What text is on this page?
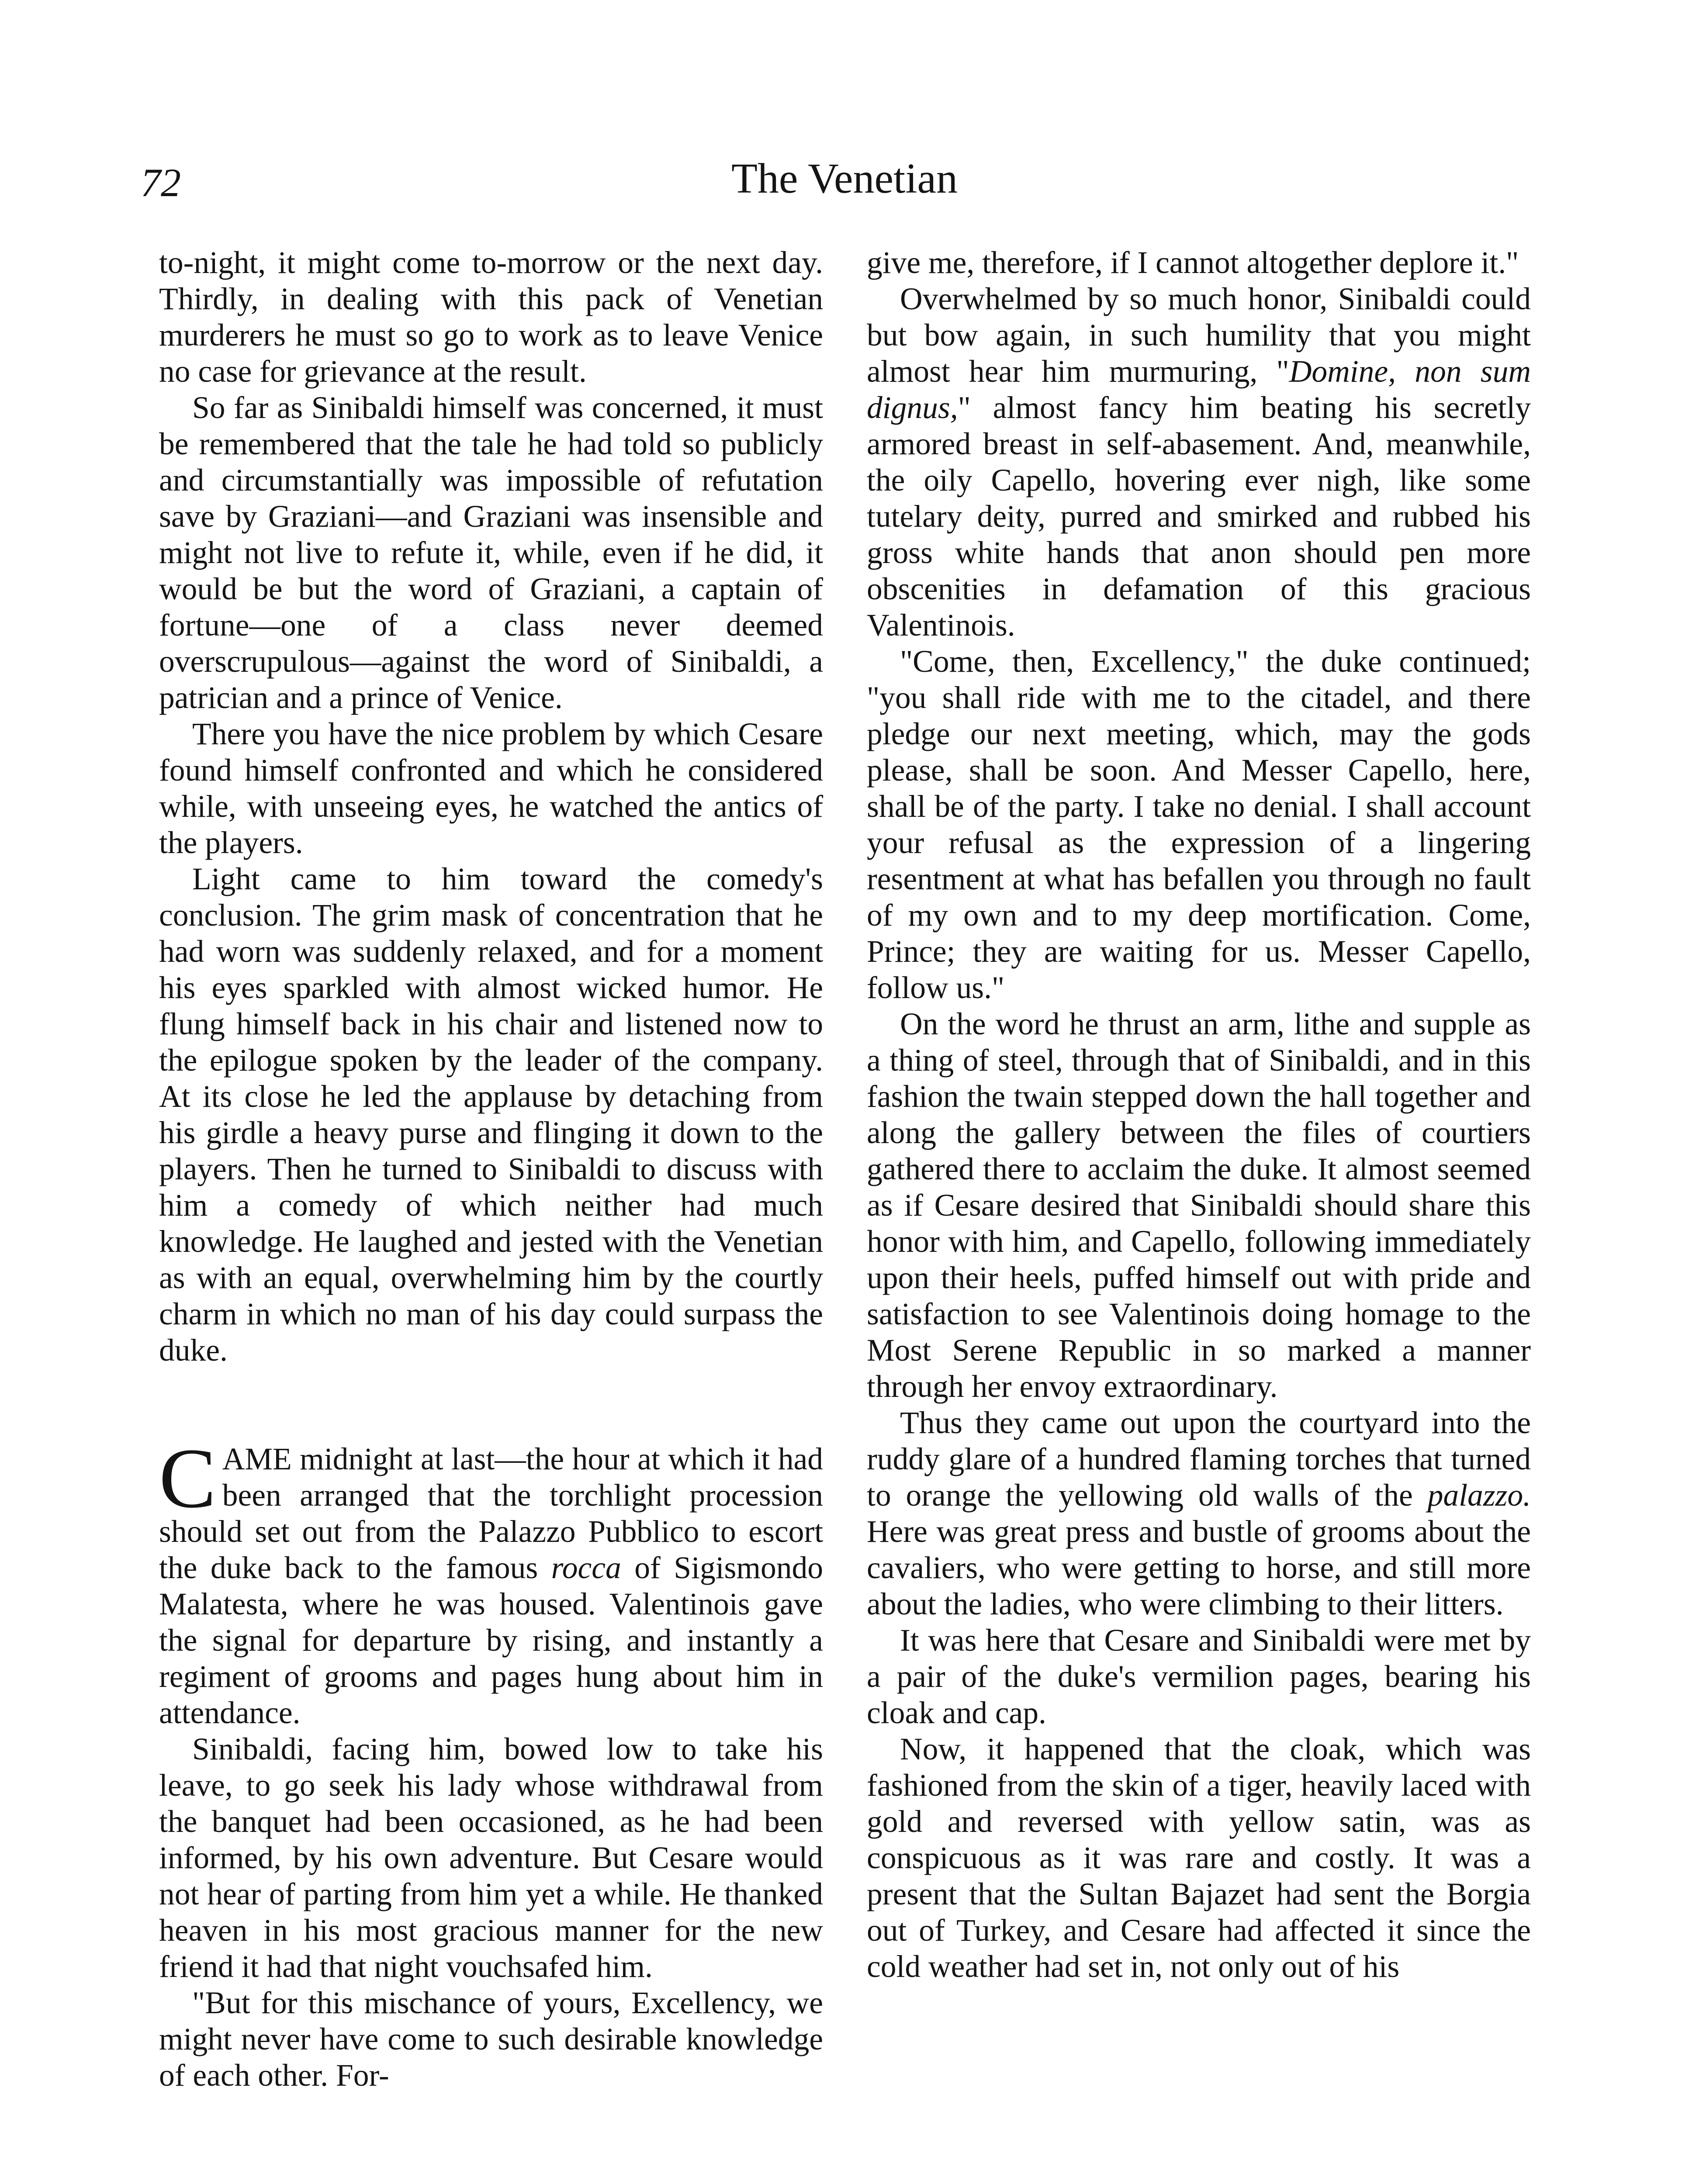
72	The Venetian

to-night, it might come to-morrow or the next day. Thirdly, in dealing with this pack of Venetian murderers he must so go to work as to leave Venice no case for grievance at the result.

So far as Sinibaldi himself was concerned, it must be remembered that the tale he had told so publicly and circumstantially was impossible of refutation save by Graziani—and Graziani was insensible and might not live to refute it, while, even if he did, it would be but the word of Graziani, a captain of fortune—one of a class never deemed overscrupulous—against the word of Sinibaldi, a patrician and a prince of Venice.

There you have the nice problem by which Cesare found himself confronted and which he considered while, with unseeing eyes, he watched the antics of the players.

Light came to him toward the comedy's conclusion. The grim mask of concentration that he had worn was suddenly relaxed, and for a moment his eyes sparkled with almost wicked humor. He flung himself back in his chair and listened now to the epilogue spoken by the leader of the company. At its close he led the applause by detaching from his girdle a heavy purse and flinging it down to the players. Then he turned to Sinibaldi to discuss with him a comedy of which neither had much knowledge. He laughed and jested with the Venetian as with an equal, overwhelming him by the courtly charm in which no man of his day could surpass the duke.

CAME midnight at last—the hour at which it had been arranged that the torchlight procession should set out from the Palazzo Pubblico to escort the duke back to the famous rocca of Sigismondo Malatesta, where he was housed. Valentinois gave the signal for departure by rising, and instantly a regiment of grooms and pages hung about him in attendance.

Sinibaldi, facing him, bowed low to take his leave, to go seek his lady whose withdrawal from the banquet had been occasioned, as he had been informed, by his own adventure. But Cesare would not hear of parting from him yet a while. He thanked heaven in his most gracious manner for the new friend it had that night vouchsafed him.

"But for this mischance of yours, Excellency, we might never have come to such desirable knowledge of each other. For-

give me, therefore, if I cannot altogether deplore it."

Overwhelmed by so much honor, Sinibaldi could but bow again, in such humility that you might almost hear him murmuring, "Domine, non sum dignus," almost fancy him beating his secretly armored breast in self-abasement. And, meanwhile, the oily Capello, hovering ever nigh, like some tutelary deity, purred and smirked and rubbed his gross white hands that anon should pen more obscenities in defamation of this gracious Valentinois.

"Come, then, Excellency," the duke continued; "you shall ride with me to the citadel, and there pledge our next meeting, which, may the gods please, shall be soon. And Messer Capello, here, shall be of the party. I take no denial. I shall account your refusal as the expression of a lingering resentment at what has befallen you through no fault of my own and to my deep mortification. Come, Prince; they are waiting for us. Messer Capello, follow us."

On the word he thrust an arm, lithe and supple as a thing of steel, through that of Sinibaldi, and in this fashion the twain stepped down the hall together and along the gallery between the files of courtiers gathered there to acclaim the duke. It almost seemed as if Cesare desired that Sinibaldi should share this honor with him, and Capello, following immediately upon their heels, puffed himself out with pride and satisfaction to see Valentinois doing homage to the Most Serene Republic in so marked a manner through her envoy extraordinary.

Thus they came out upon the courtyard into the ruddy glare of a hundred flaming torches that turned to orange the yellowing old walls of the palazzo. Here was great press and bustle of grooms about the cavaliers, who were getting to horse, and still more about the ladies, who were climbing to their litters.

It was here that Cesare and Sinibaldi were met by a pair of the duke's vermilion pages, bearing his cloak and cap.

Now, it happened that the cloak, which was fashioned from the skin of a tiger, heavily laced with gold and reversed with yellow satin, was as conspicuous as it was rare and costly. It was a present that the Sultan Bajazet had sent the Borgia out of Turkey, and Cesare had affected it since the cold weather had set in, not only out of his
